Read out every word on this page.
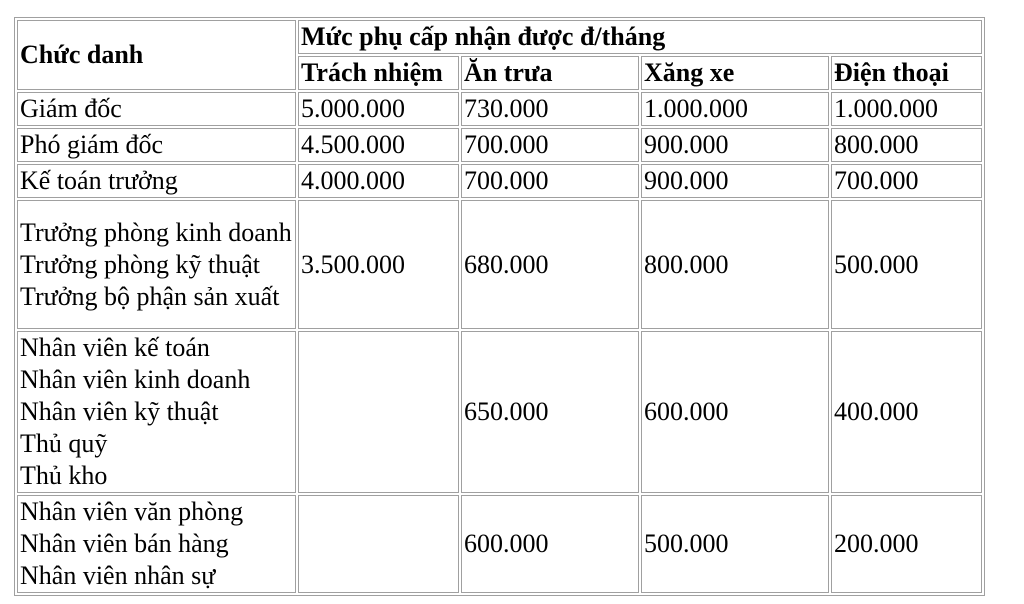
Chức danh	Mức phụ cấp nhận được đ/tháng			
	Trách nhiệm	Ăn trưa	Xăng xe	Điện thoại

Giám đốc	5.000.000	730.000	1.000.000	1.000.000

Phó giám đốc	4.500.000	700.000	900.000	800.000

Kế toán trưởng	4.000.000	700.000	900.000	700.000

Trưởng phòng kinh doanh
Trưởng phòng kỹ thuật
Trưởng bộ phận sản xuất	3.500.000	680.000	800.000	500.000

Nhân viên kế toán
Nhân viên kinh doanh
Nhân viên kỹ thuật
Thủ quỹ
Thủ kho		650.000	600.000	400.000

Nhân viên văn phòng
Nhân viên bán hàng
Nhân viên nhân sự		600.000	500.000	200.000
